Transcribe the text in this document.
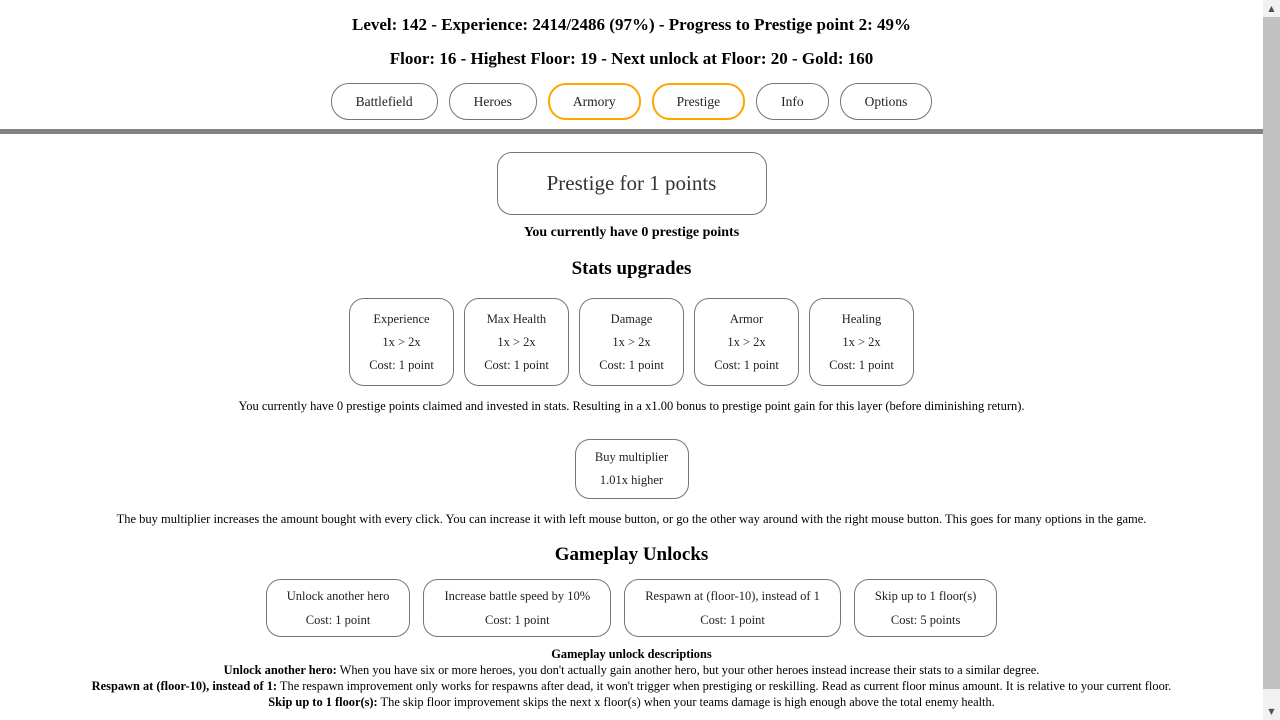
Level: 142 - Experience: 2414/2486 (97%) - Progress to Prestige point 2: 49%
Floor: 16 - Highest Floor: 19 - Next unlock at Floor: 20 - Gold: 160
Battlefield	Heroes	Armory	Prestige	Info	Options
Prestige for 1 points
You currently have 0 prestige points
Stats upgrades
Experience
1x > 2x
Cost: 1 point
Max Health
1x > 2x
Cost: 1 point
Damage
1x > 2x
Cost: 1 point
Armor
1x > 2x
Cost: 1 point
Healing
1x > 2x
Cost: 1 point
You currently have 0 prestige points claimed and invested in stats. Resulting in a x1.00 bonus to prestige point gain for this layer (before diminishing return).
Buy multiplier
1.01x higher
The buy multiplier increases the amount bought with every click. You can increase it with left mouse button, or go the other way around with the right mouse button. This goes for many options in the game.
Gameplay Unlocks
Unlock another hero
Cost: 1 point
Increase battle speed by 10%
Cost: 1 point
Respawn at (floor-10), instead of 1
Cost: 1 point
Skip up to 1 floor(s)
Cost: 5 points
Gameplay unlock descriptions
Unlock another hero: When you have six or more heroes, you don't actually gain another hero, but your other heroes instead increase their stats to a similar degree.
Respawn at (floor-10), instead of 1: The respawn improvement only works for respawns after dead, it won't trigger when prestiging or reskilling. Read as current floor minus amount. It is relative to your current floor.
Skip up to 1 floor(s): The skip floor improvement skips the next x floor(s) when your teams damage is high enough above the total enemy health.
▲
▼
